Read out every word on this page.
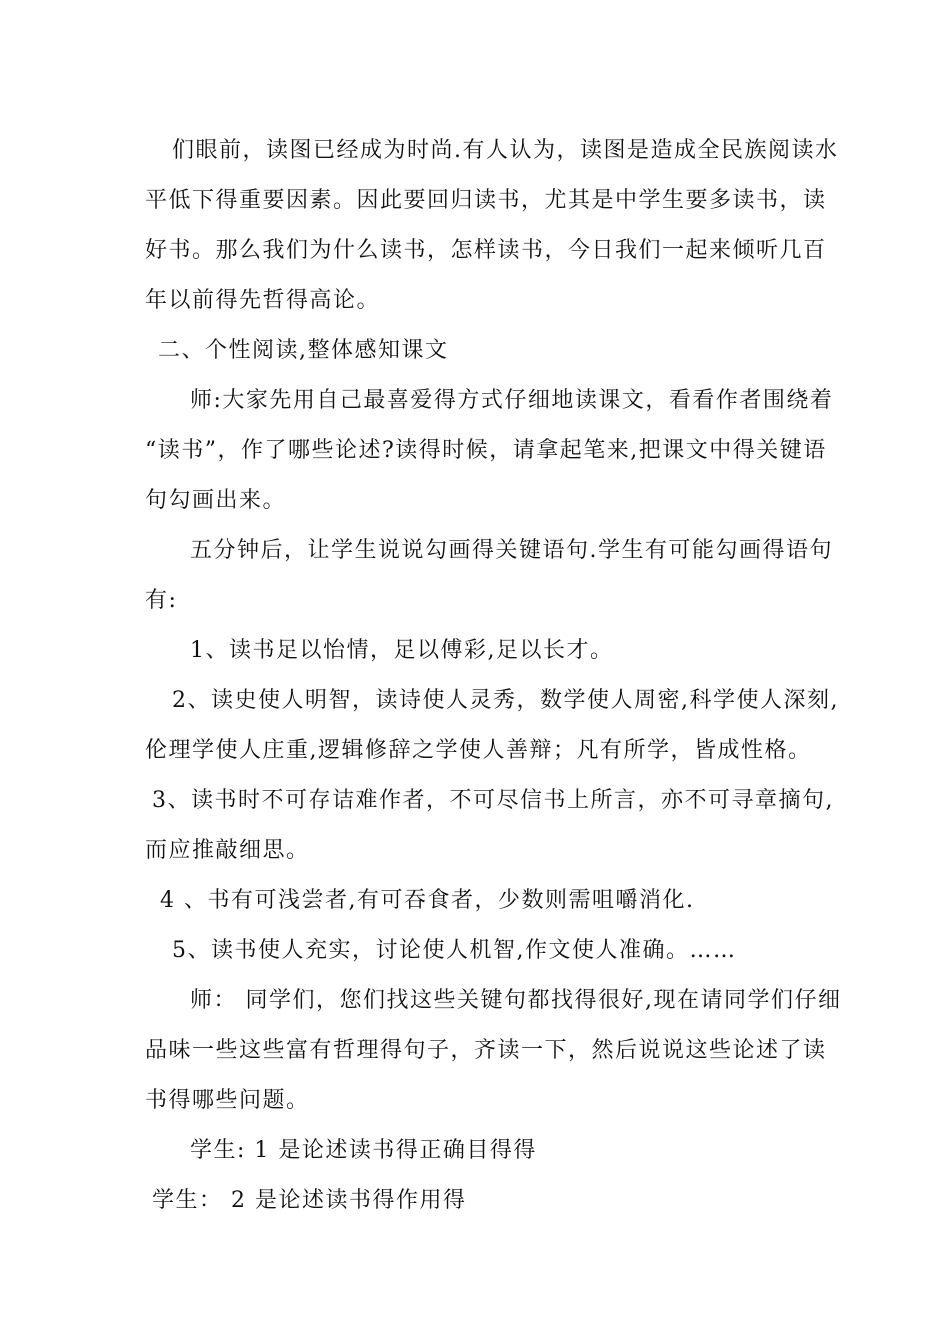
们眼前，读图已经成为时尚.有人认为，读图是造成全民族阅读水
平低下得重要因素。因此要回归读书，尤其是中学生要多读书，读
好书。那么我们为什么读书，怎样读书，今日我们一起来倾听几百
年以前得先哲得高论。
二、个性阅读,整体感知课文
师:大家先用自己最喜爱得方式仔细地读课文，看看作者围绕着
“读书”，作了哪些论述?读得时候，请拿起笔来,把课文中得关键语
句勾画出来。
五分钟后，让学生说说勾画得关键语句.学生有可能勾画得语句
有:
1、读书足以怡情，足以傅彩,足以长才。
2、读史使人明智，读诗使人灵秀，数学使人周密,科学使人深刻,
伦理学使人庄重,逻辑修辞之学使人善辩；凡有所学，皆成性格。
3、读书时不可存诘难作者，不可尽信书上所言，亦不可寻章摘句,
而应推敲细思。
4 、书有可浅尝者,有可吞食者，少数则需咀嚼消化.
5、读书使人充实，讨论使人机智,作文使人准确。……
师： 同学们，您们找这些关键句都找得很好,现在请同学们仔细
品味一些这些富有哲理得句子，齐读一下，然后说说这些论述了读
书得哪些问题。
学生: 1 是论述读书得正确目得得
学生： 2 是论述读书得作用得
